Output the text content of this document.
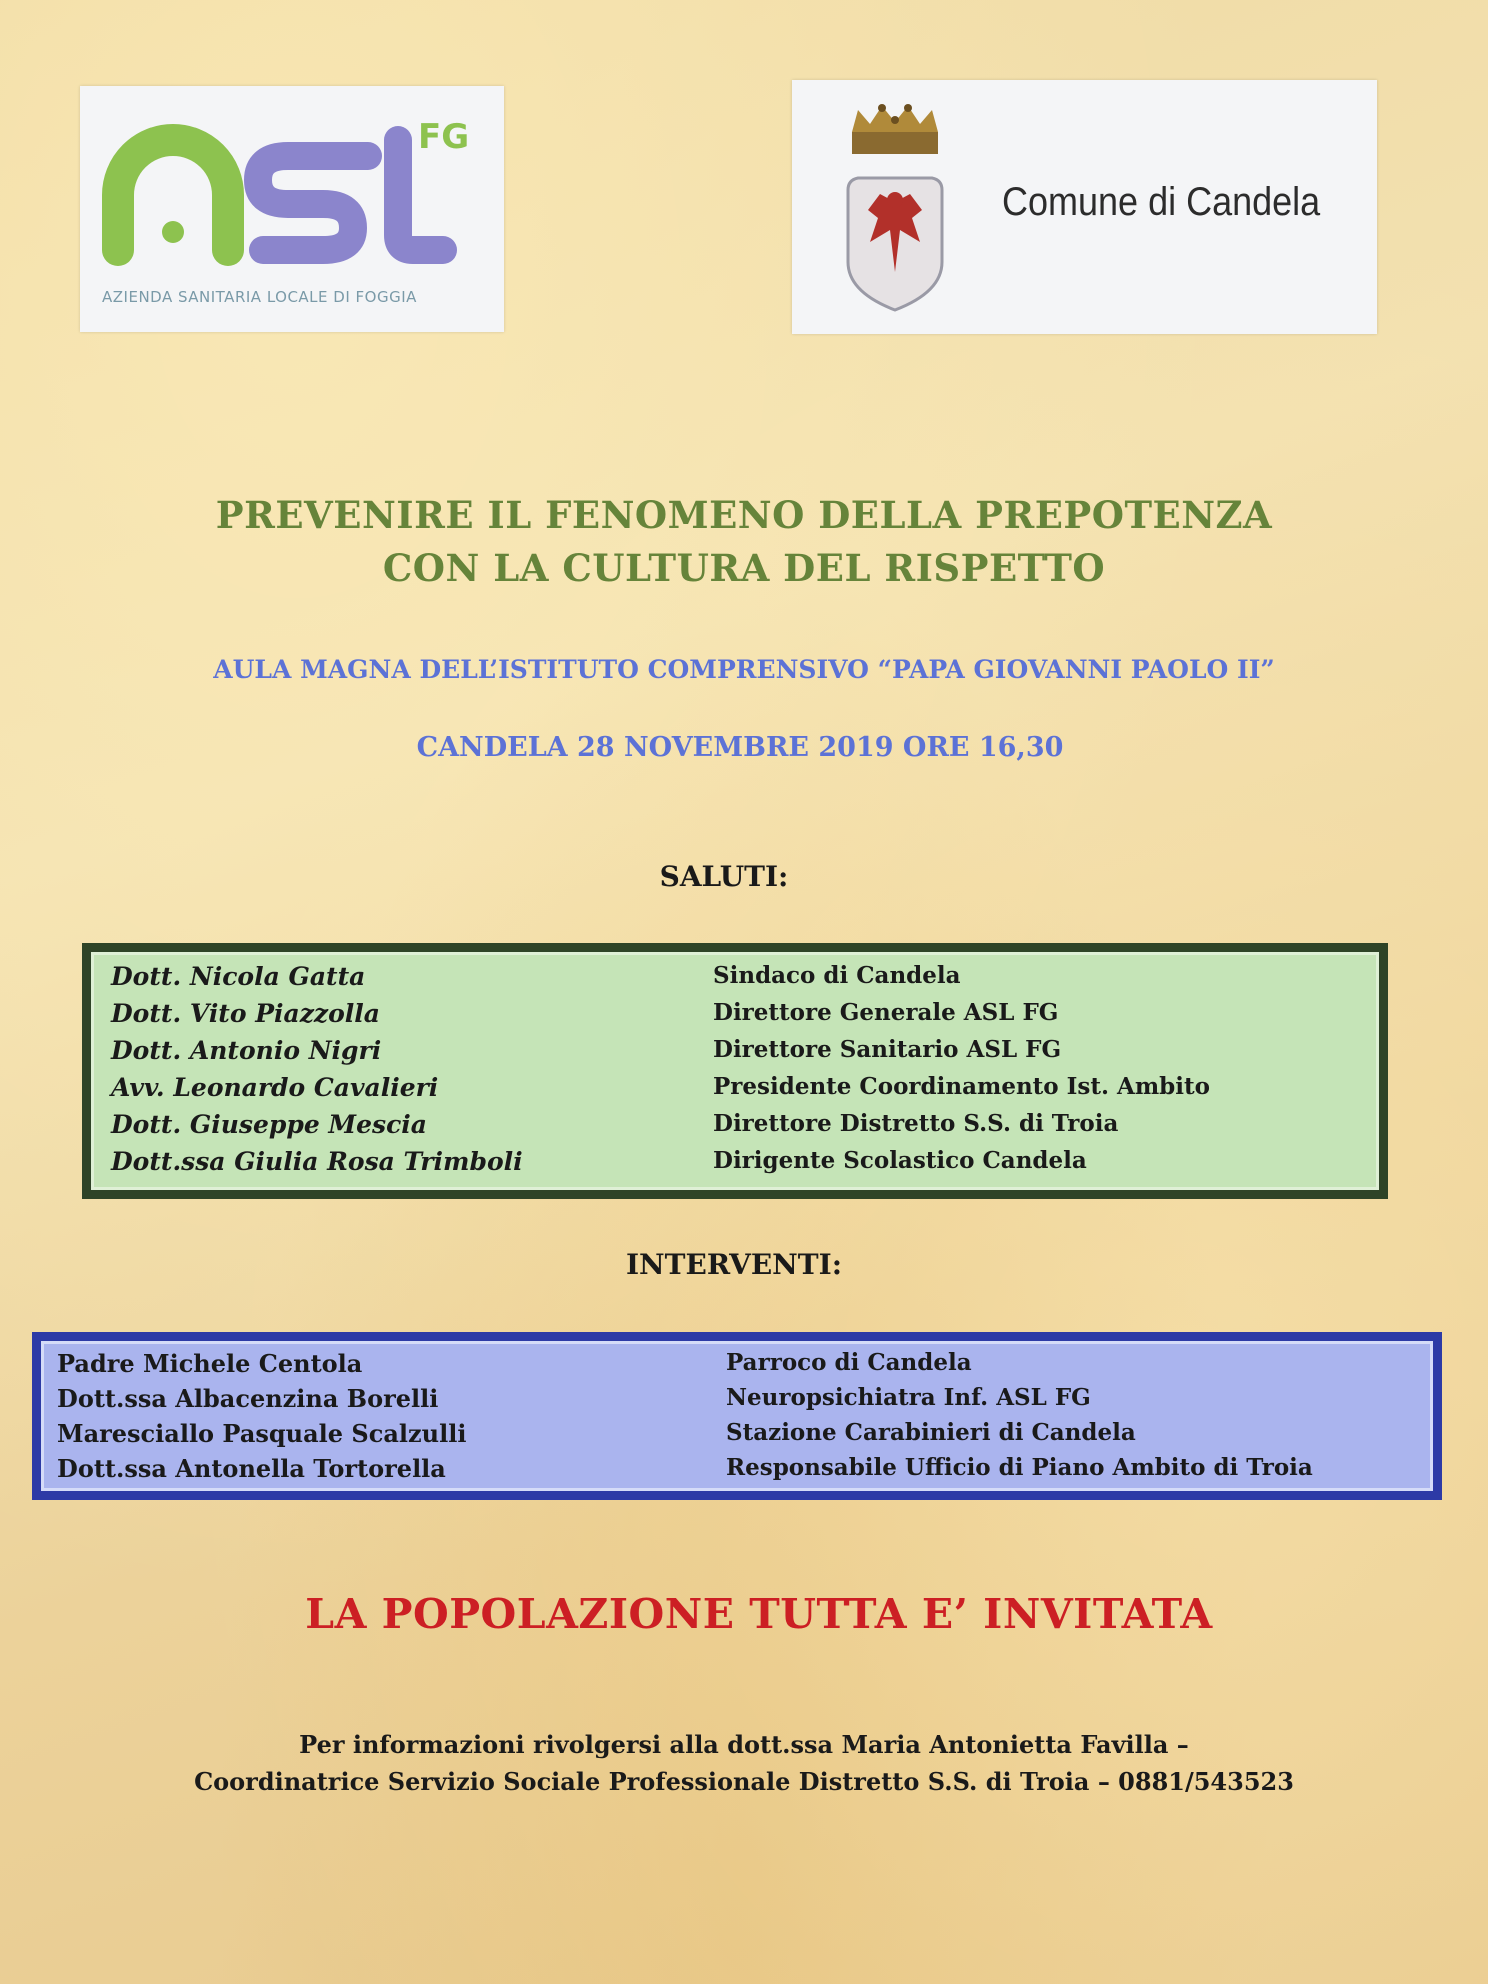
FG
AZIENDA SANITARIA LOCALE DI FOGGIA
Comune di Candela
PREVENIRE IL FENOMENO DELLA PREPOTENZA
CON LA CULTURA DEL RISPETTO
AULA MAGNA DELL’ISTITUTO COMPRENSIVO “PAPA GIOVANNI PAOLO II”
CANDELA 28 NOVEMBRE 2019 ORE 16,30
SALUTI:
Dott. Nicola Gatta	Sindaco di Candela
Dott. Vito Piazzolla	Direttore Generale ASL FG
Dott. Antonio Nigri	Direttore Sanitario ASL FG
Avv. Leonardo Cavalieri	Presidente Coordinamento Ist. Ambito
Dott. Giuseppe Mescia	Direttore Distretto S.S. di Troia
Dott.ssa Giulia Rosa Trimboli	Dirigente Scolastico Candela
INTERVENTI:
Padre Michele Centola	Parroco di Candela
Dott.ssa Albacenzina Borelli	Neuropsichiatra Inf. ASL FG
Maresciallo Pasquale Scalzulli	Stazione Carabinieri di Candela
Dott.ssa Antonella Tortorella	Responsabile Ufficio di Piano Ambito di Troia
LA POPOLAZIONE TUTTA E’ INVITATA
Per informazioni rivolgersi alla dott.ssa Maria Antonietta Favilla –
Coordinatrice Servizio Sociale Professionale Distretto S.S. di Troia – 0881/543523
